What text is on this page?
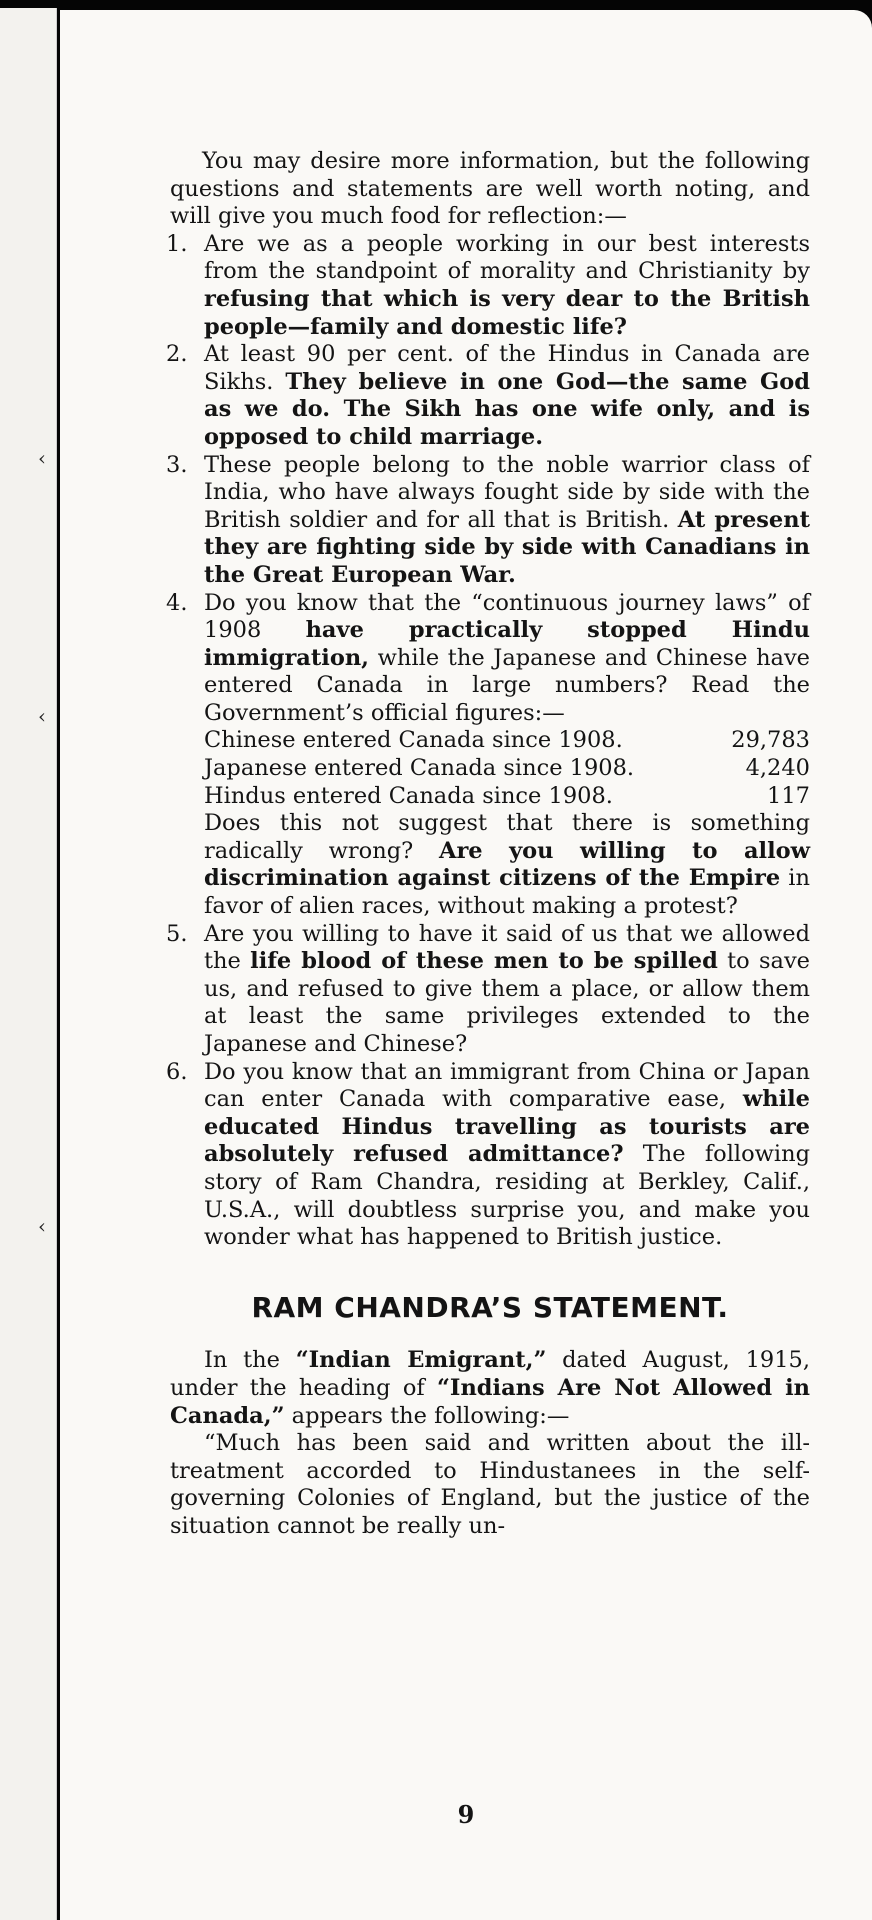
‹
‹
‹

You may desire more information, but the following questions and statements are well worth noting, and will give you much food for reflection:—

1. Are we as a people working in our best interests from the standpoint of morality and Christianity by refusing that which is very dear to the British people—family and domestic life?
2. At least 90 per cent. of the Hindus in Canada are Sikhs. They believe in one God—the same God as we do. The Sikh has one wife only, and is opposed to child marriage.
3. These people belong to the noble warrior class of India, who have always fought side by side with the British soldier and for all that is British. At present they are fighting side by side with Canadians in the Great European War.
4. Do you know that the “continuous journey laws” of 1908 have practically stopped Hindu immigration, while the Japanese and Chinese have entered Canada in large numbers? Read the Government’s official figures:—
Chinese entered Canada since 1908.	29,783
Japanese entered Canada since 1908.	4,240
Hindus entered Canada since 1908.	117
Does this not suggest that there is something radically wrong? Are you willing to allow discrimination against citizens of the Empire in favor of alien races, without making a protest?
5. Are you willing to have it said of us that we allowed the life blood of these men to be spilled to save us, and refused to give them a place, or allow them at least the same privileges extended to the Japanese and Chinese?
6. Do you know that an immigrant from China or Japan can enter Canada with comparative ease, while educated Hindus travelling as tourists are absolutely refused admittance? The following story of Ram Chandra, residing at Berkley, Calif., U.S.A., will doubtless surprise you, and make you wonder what has happened to British justice.
RAM CHANDRA’S STATEMENT.

In the “Indian Emigrant,” dated August, 1915, under the heading of “Indians Are Not Allowed in Canada,” appears the following:—

“Much has been said and written about the ill-treatment accorded to Hindustanees in the self-governing Colonies of England, but the justice of the situation cannot be really un-

9
